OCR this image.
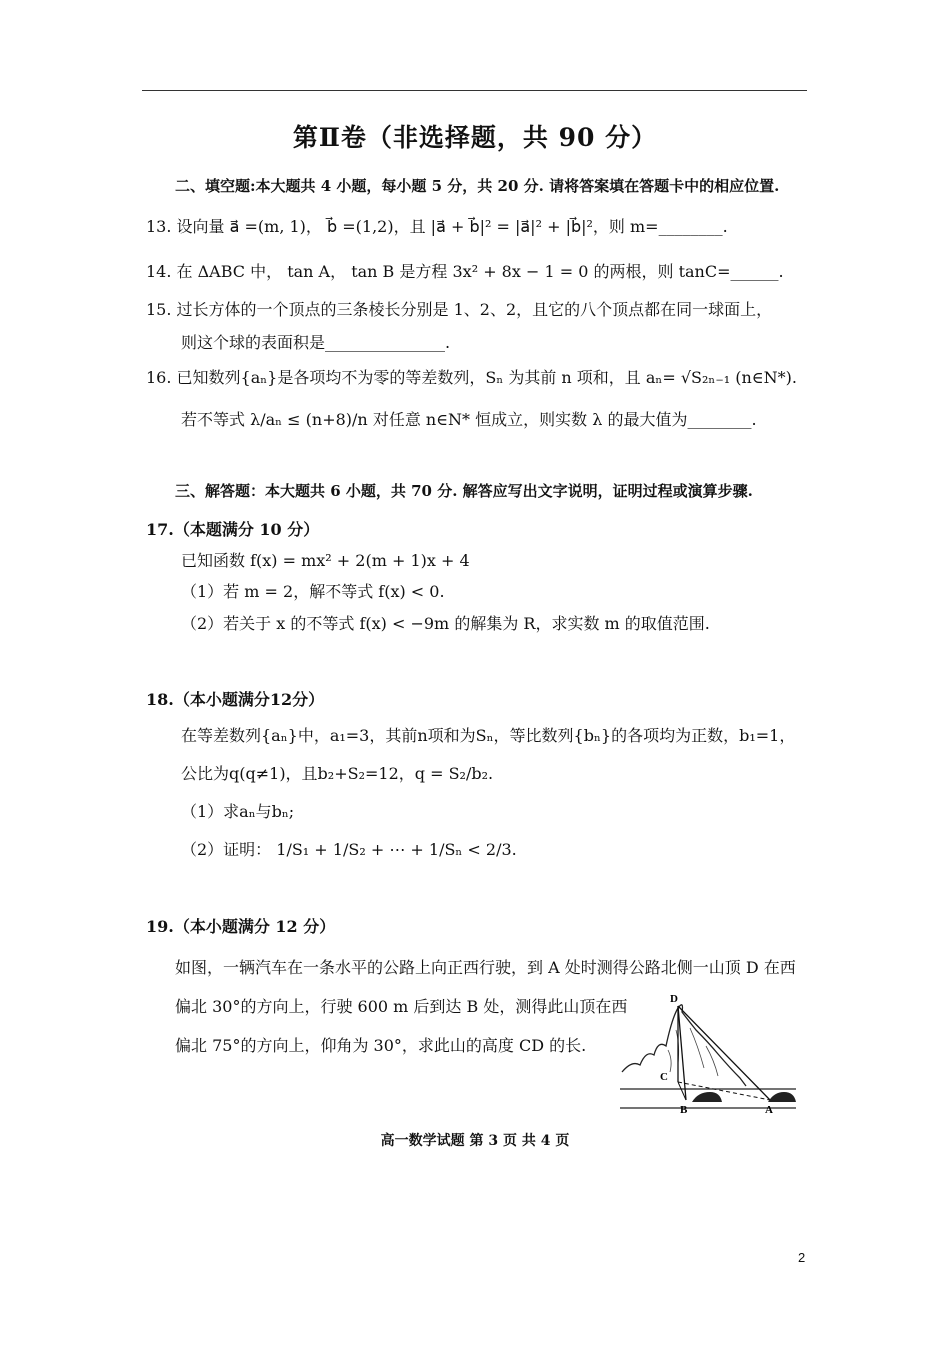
第Ⅱ卷（非选择题，共 90 分）
二、填空题:本大题共 4 小题，每小题 5 分，共 20 分. 请将答案填在答题卡中的相应位置.
13. 设向量 a⃗ =(m, 1)， b⃗ =(1,2)，且 |a⃗ + b⃗|² = |a⃗|² + |b⃗|²，则 m=________.
14. 在 ΔABC 中， tan A， tan B 是方程 3x² + 8x − 1 = 0 的两根，则 tanC=______.
15. 过长方体的一个顶点的三条棱长分别是 1、2、2，且它的八个顶点都在同一球面上，
则这个球的表面积是_______________.
16. 已知数列{aₙ}是各项均不为零的等差数列，Sₙ 为其前 n 项和，且 aₙ= √S₂ₙ₋₁ (n∈N*).
若不等式 λ/aₙ ≤ (n+8)/n 对任意 n∈N* 恒成立，则实数 λ 的最大值为________.
三、解答题：本大题共 6 小题，共 70 分. 解答应写出文字说明，证明过程或演算步骤.
17.（本题满分 10 分）
已知函数 f(x) = mx² + 2(m + 1)x + 4
（1）若 m = 2，解不等式 f(x) < 0.
（2）若关于 x 的不等式 f(x) < −9m 的解集为 R，求实数 m 的取值范围.
18.（本小题满分12分）
在等差数列{aₙ}中，a₁=3，其前n项和为Sₙ，等比数列{bₙ}的各项均为正数，b₁=1，
公比为q(q≠1)，且b₂+S₂=12，q = S₂/b₂.
（1）求aₙ与bₙ;
（2）证明： 1/S₁ + 1/S₂ + ⋯ + 1/Sₙ < 2/3.
19.（本小题满分 12 分）
如图，一辆汽车在一条水平的公路上向正西行驶，到 A 处时测得公路北侧一山顶 D 在西
偏北 30°的方向上，行驶 600 m 后到达 B 处，测得此山顶在西
偏北 75°的方向上，仰角为 30°，求此山的高度 CD 的长.
D
C
B	A
高一数学试题 第 3 页 共 4 页
2
